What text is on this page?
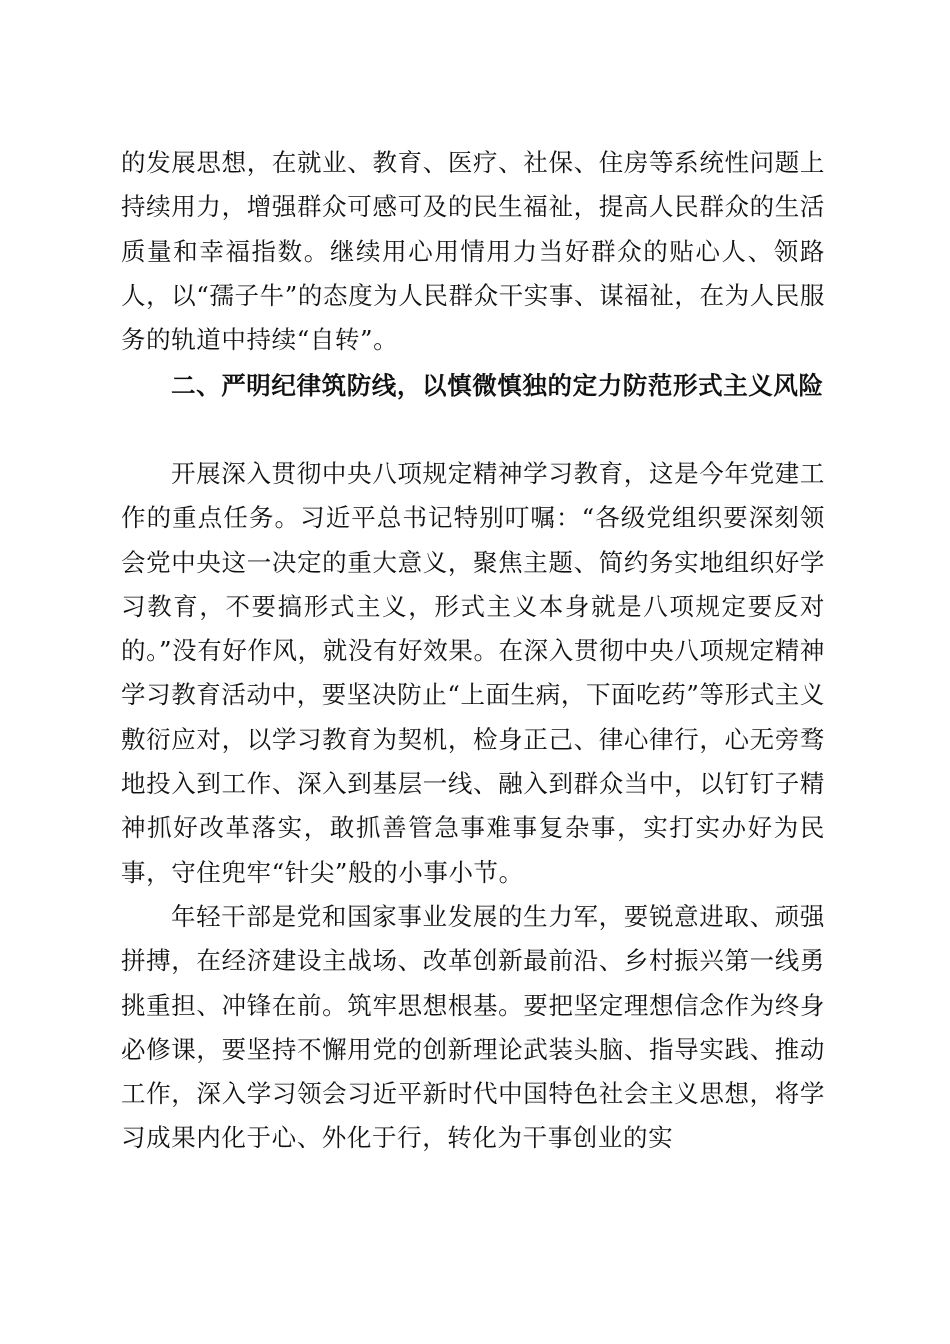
的发展思想，在就业、教育、医疗、社保、住房等系统性问题上持续用力，增强群众可感可及的民生福祉，提高人民群众的生活质量和幸福指数。继续用心用情用力当好群众的贴心人、领路人，以“孺子牛”的态度为人民群众干实事、谋福祉，在为人民服务的轨道中持续“自转”。

二、严明纪律筑防线，以慎微慎独的定力防范形式主义风险

开展深入贯彻中央八项规定精神学习教育，这是今年党建工作的重点任务。习近平总书记特别叮嘱：“各级党组织要深刻领会党中央这一决定的重大意义，聚焦主题、简约务实地组织好学习教育，不要搞形式主义，形式主义本身就是八项规定要反对的。”没有好作风，就没有好效果。在深入贯彻中央八项规定精神学习教育活动中，要坚决防止“上面生病，下面吃药”等形式主义敷衍应对，以学习教育为契机，检身正己、律心律行，心无旁骛地投入到工作、深入到基层一线、融入到群众当中，以钉钉子精神抓好改革落实，敢抓善管急事难事复杂事，实打实办好为民事，守住兜牢“针尖”般的小事小节。

年轻干部是党和国家事业发展的生力军，要锐意进取、顽强拼搏，在经济建设主战场、改革创新最前沿、乡村振兴第一线勇挑重担、冲锋在前。筑牢思想根基。要把坚定理想信念作为终身必修课，要坚持不懈用党的创新理论武装头脑、指导实践、推动工作，深入学习领会习近平新时代中国特色社会主义思想，将学习成果内化于心、外化于行，转化为干事创业的实
